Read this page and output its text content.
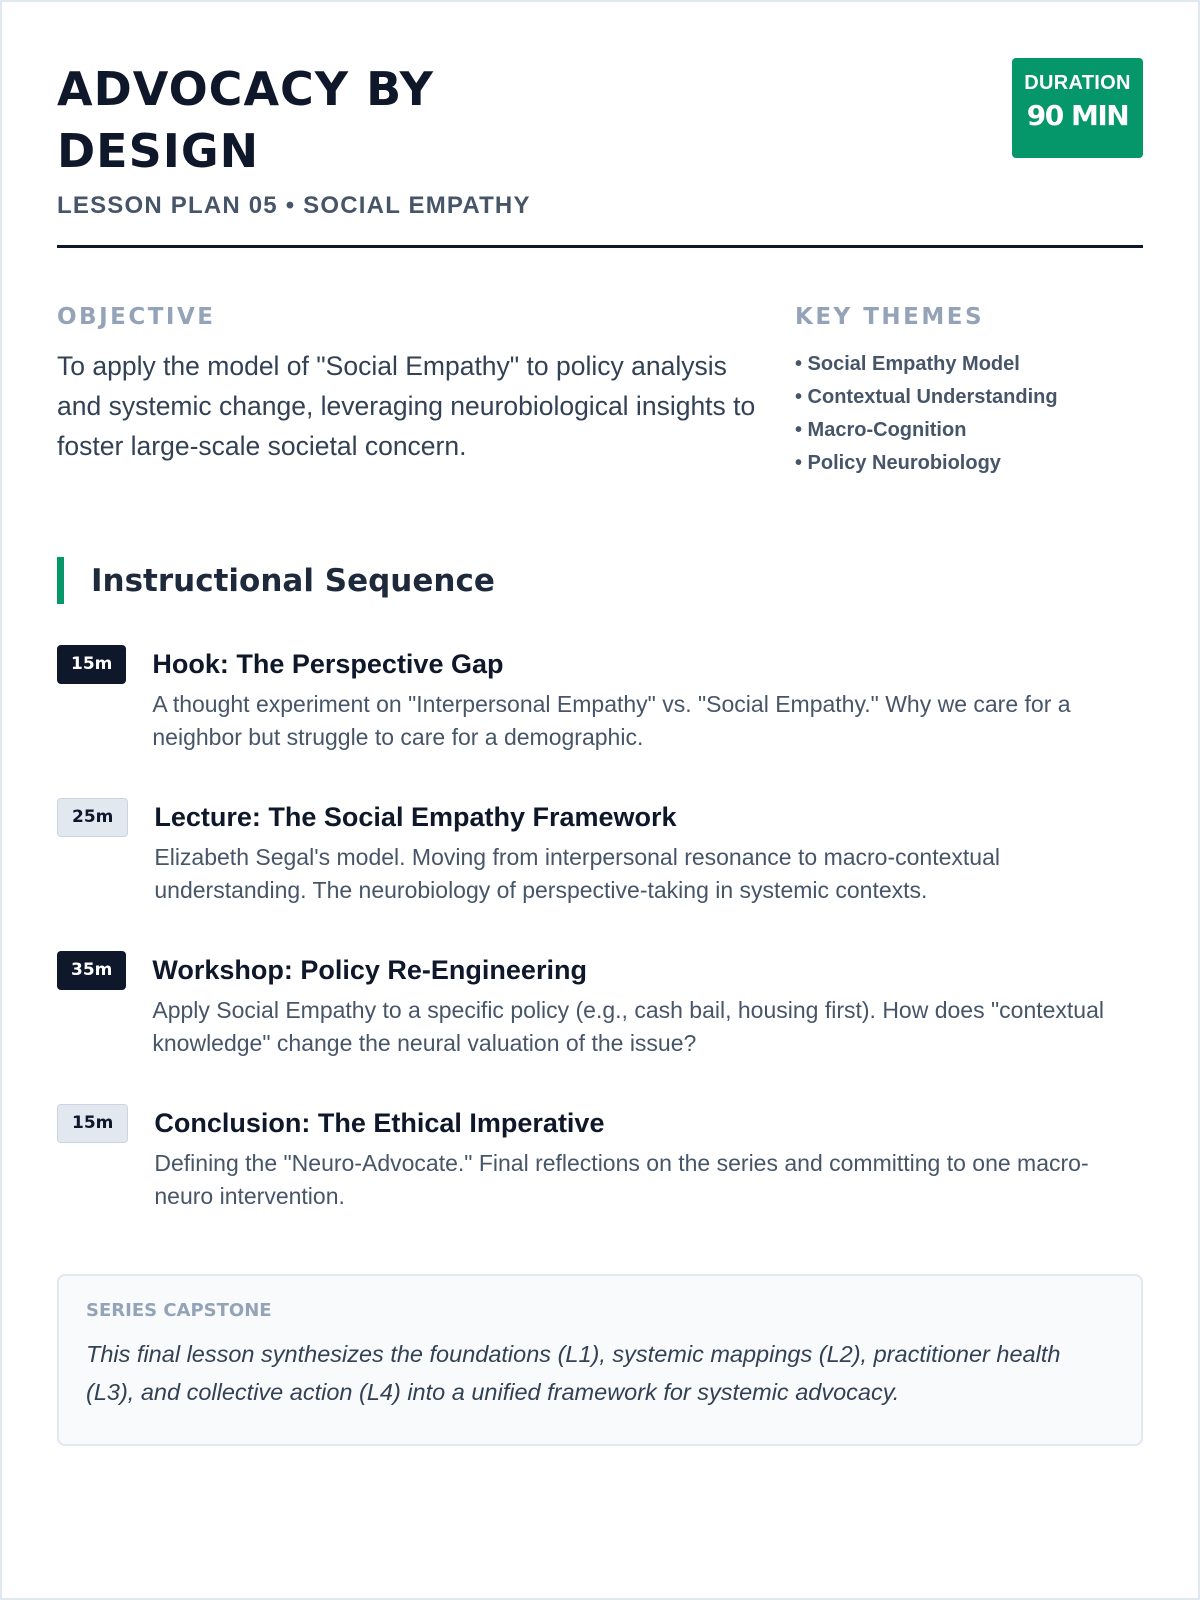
ADVOCACY BY DESIGN
LESSON PLAN 05 • SOCIAL EMPATHY
DURATION
90 MIN
OBJECTIVE

To apply the model of "Social Empathy" to policy analysis and systemic change, leveraging neurobiological insights to foster large-scale societal concern.

KEY THEMES
• Social Empathy Model
• Contextual Understanding
• Macro-Cognition
• Policy Neurobiology
Instructional Sequence
15m	Hook: The Perspective Gap

A thought experiment on "Interpersonal Empathy" vs. "Social Empathy." Why we care for a neighbor but struggle to care for a demographic.

25m	Lecture: The Social Empathy Framework

Elizabeth Segal's model. Moving from interpersonal resonance to macro-contextual understanding. The neurobiology of perspective-taking in systemic contexts.

35m	Workshop: Policy Re-Engineering

Apply Social Empathy to a specific policy (e.g., cash bail, housing first). How does "contextual knowledge" change the neural valuation of the issue?

15m	Conclusion: The Ethical Imperative

Defining the "Neuro-Advocate." Final reflections on the series and committing to one macro-neuro intervention.

SERIES CAPSTONE

This final lesson synthesizes the foundations (L1), systemic mappings (L2), practitioner health (L3), and collective action (L4) into a unified framework for systemic advocacy.
